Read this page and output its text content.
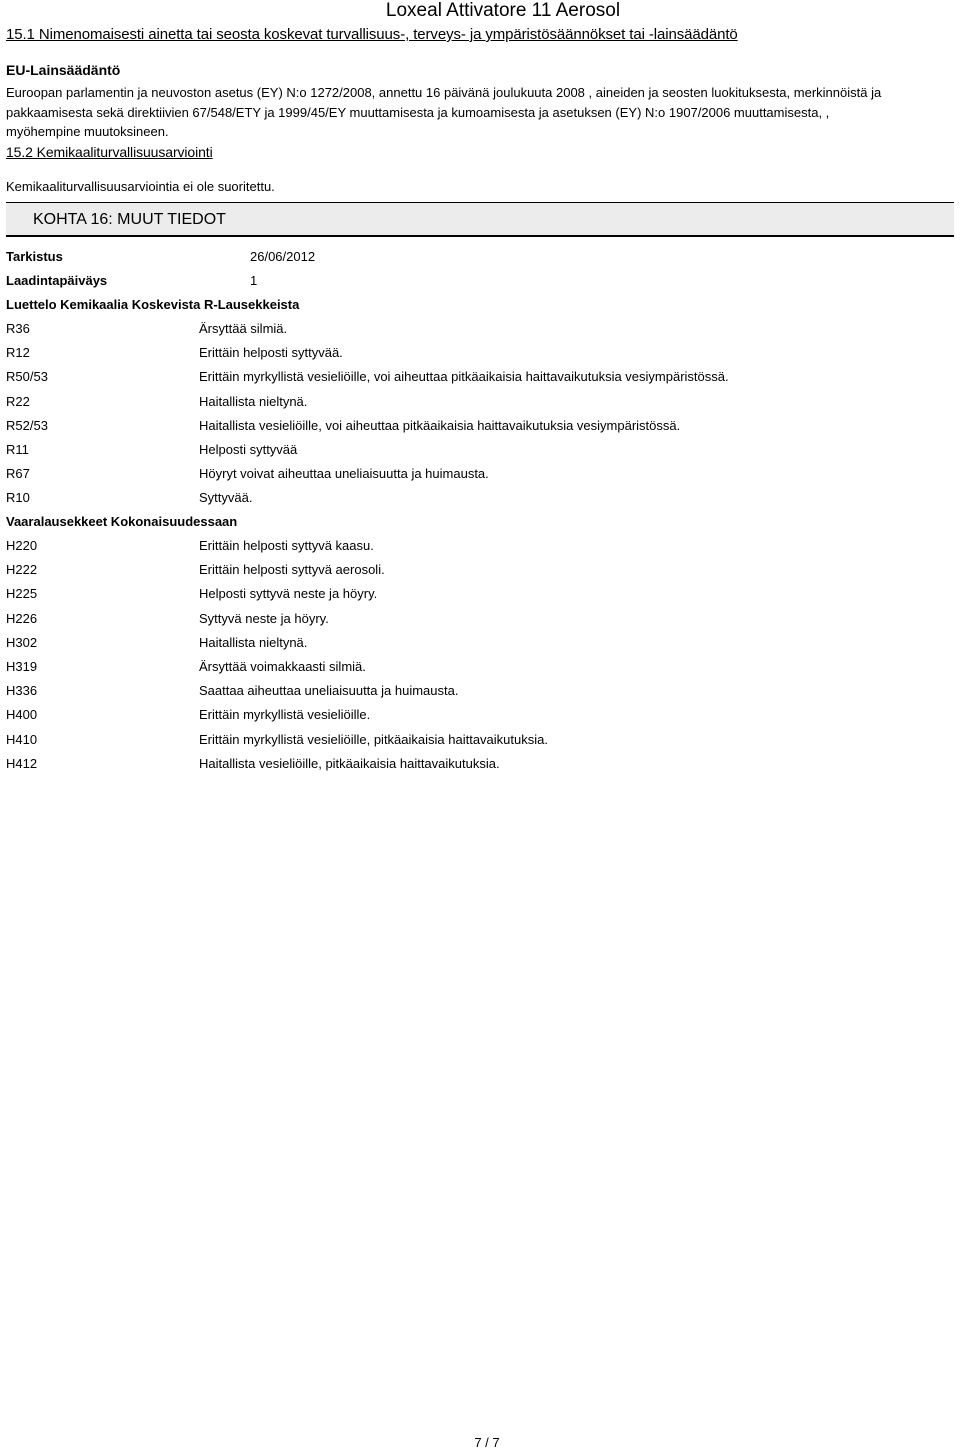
Loxeal Attivatore 11 Aerosol
15.1 Nimenomaisesti ainetta tai seosta koskevat turvallisuus-, terveys- ja ympäristösäännökset tai -lainsäädäntö
EU-Lainsäädäntö
Euroopan parlamentin ja neuvoston asetus (EY) N:o 1272/2008, annettu 16 päivänä joulukuuta 2008 , aineiden ja seosten luokituksesta, merkinnöistä ja pakkaamisesta sekä direktiivien 67/548/ETY ja 1999/45/EY muuttamisesta ja kumoamisesta ja asetuksen (EY) N:o 1907/2006 muuttamisesta, , myöhempine muutoksineen.
15.2 Kemikaaliturvallisuusarviointi
Kemikaaliturvallisuusarviointia ei ole suoritettu.
KOHTA 16: MUUT TIEDOT
Tarkistus	26/06/2012
Laadintapäiväys	1
Luettelo Kemikaalia Koskevista R-Lausekkeista
R36	Ärsyttää silmiä.
R12	Erittäin helposti syttyvää.
R50/53	Erittäin myrkyllistä vesieliöille, voi aiheuttaa pitkäaikaisia haittavaikutuksia vesiympäristössä.
R22	Haitallista nieltynä.
R52/53	Haitallista vesieliöille, voi aiheuttaa pitkäaikaisia haittavaikutuksia vesiympäristössä.
R11	Helposti syttyvää
R67	Höyryt voivat aiheuttaa uneliaisuutta ja huimausta.
R10	Syttyvää.
Vaaralausekkeet Kokonaisuudessaan
H220	Erittäin helposti syttyvä kaasu.
H222	Erittäin helposti syttyvä aerosoli.
H225	Helposti syttyvä neste ja höyry.
H226	Syttyvä neste ja höyry.
H302	Haitallista nieltynä.
H319	Ärsyttää voimakkaasti silmiä.
H336	Saattaa aiheuttaa uneliaisuutta ja huimausta.
H400	Erittäin myrkyllistä vesieliöille.
H410	Erittäin myrkyllistä vesieliöille, pitkäaikaisia haittavaikutuksia.
H412	Haitallista vesieliöille, pitkäaikaisia haittavaikutuksia.
7 / 7
